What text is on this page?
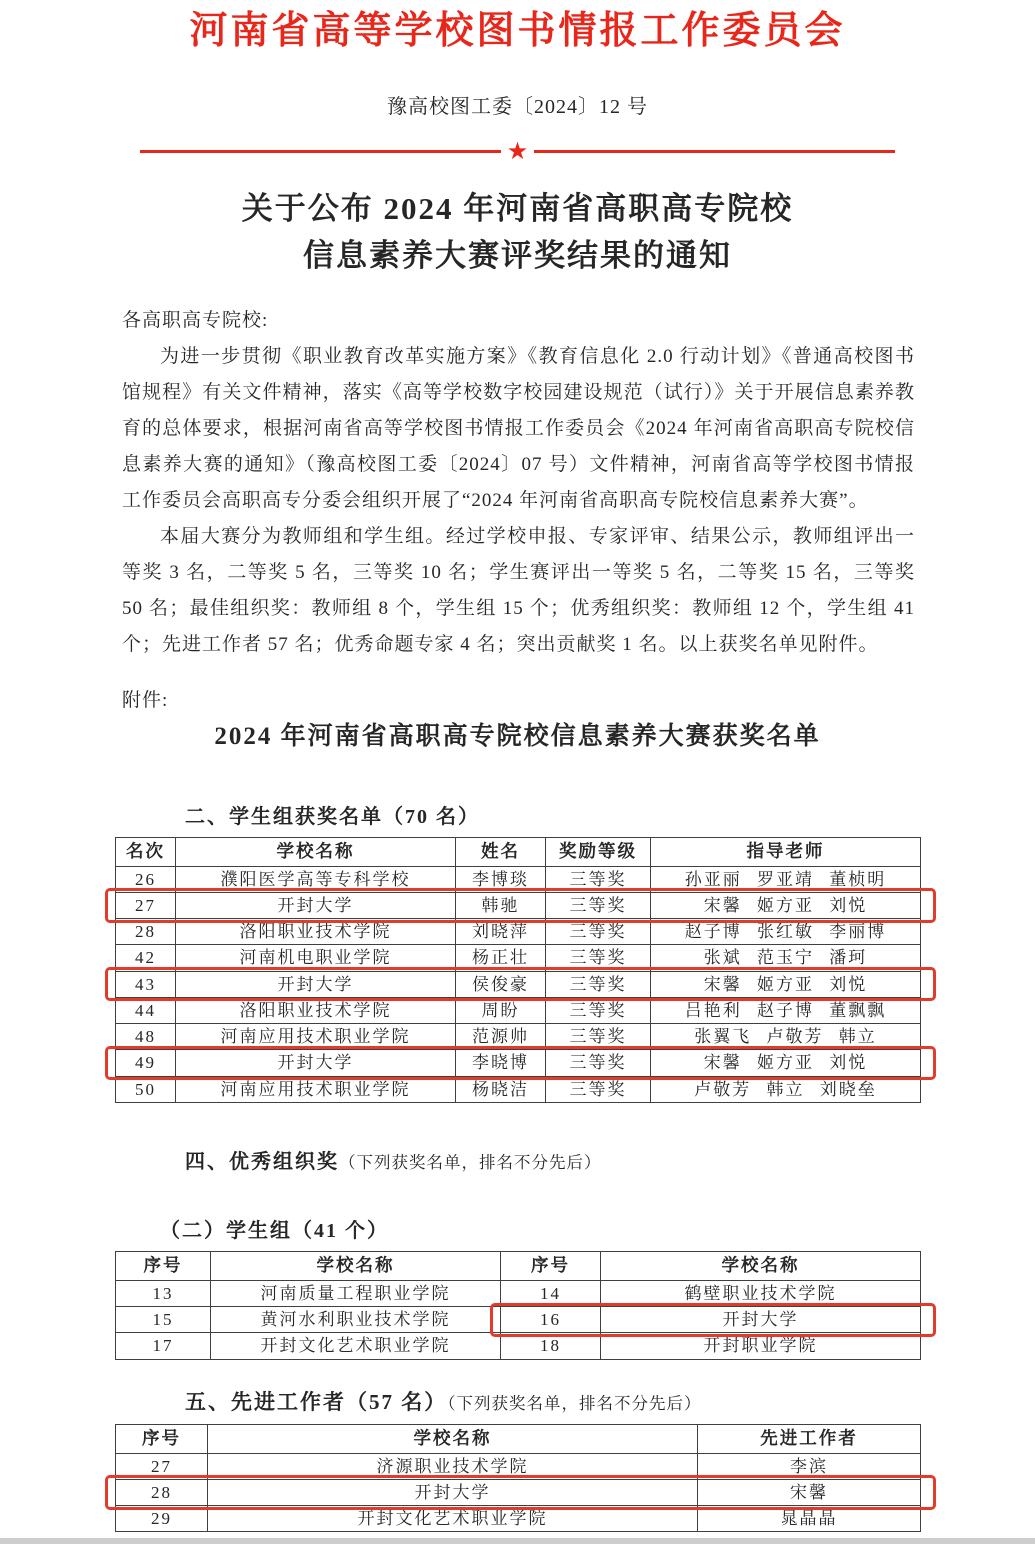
河南省高等学校图书情报工作委员会
豫高校图工委〔2024〕12 号
★
关于公布 2024 年河南省高职高专院校
信息素养大赛评奖结果的通知
各高职高专院校:

为进一步贯彻《职业教育改革实施方案》《教育信息化 2.0 行动计划》《普通高校图书馆规程》有关文件精神，落实《高等学校数字校园建设规范（试行）》关于开展信息素养教育的总体要求，根据河南省高等学校图书情报工作委员会《2024 年河南省高职高专院校信息素养大赛的通知》（豫高校图工委〔2024〕07 号）文件精神，河南省高等学校图书情报工作委员会高职高专分委会组织开展了“2024 年河南省高职高专院校信息素养大赛”。

本届大赛分为教师组和学生组。经过学校申报、专家评审、结果公示，教师组评出一等奖 3 名，二等奖 5 名，三等奖 10 名；学生赛评出一等奖 5 名，二等奖 15 名，三等奖 50 名；最佳组织奖：教师组 8 个，学生组 15 个；优秀组织奖：教师组 12 个，学生组 41 个；先进工作者 57 名；优秀命题专家 4 名；突出贡献奖 1 名。以上获奖名单见附件。

附件:
2024 年河南省高职高专院校信息素养大赛获奖名单
二、学生组获奖名单（70 名）
名次	学校名称	姓名	奖励等级	指导老师
26	濮阳医学高等专科学校	李博琰	三等奖	孙亚丽 罗亚靖 董桢明
27	开封大学	韩驰	三等奖	宋馨 姬方亚 刘悦
28	洛阳职业技术学院	刘晓萍	三等奖	赵子博 张红敏 李丽博
42	河南机电职业学院	杨正壮	三等奖	张斌 范玉宁 潘珂
43	开封大学	侯俊豪	三等奖	宋馨 姬方亚 刘悦
44	洛阳职业技术学院	周盼	三等奖	吕艳利 赵子博 董飘飘
48	河南应用技术职业学院	范源帅	三等奖	张翼飞 卢敬芳 韩立
49	开封大学	李晓博	三等奖	宋馨 姬方亚 刘悦
50	河南应用技术职业学院	杨晓洁	三等奖	卢敬芳 韩立 刘晓垒
四、优秀组织奖（下列获奖名单，排名不分先后）
（二）学生组（41 个）
序号	学校名称	序号	学校名称
13	河南质量工程职业学院	14	鹤壁职业技术学院
15	黄河水利职业技术学院	16	开封大学
17	开封文化艺术职业学院	18	开封职业学院
五、先进工作者（57 名）（下列获奖名单，排名不分先后）
序号	学校名称	先进工作者
27	济源职业技术学院	李滨
28	开封大学	宋馨
29	开封文化艺术职业学院	晁晶晶
